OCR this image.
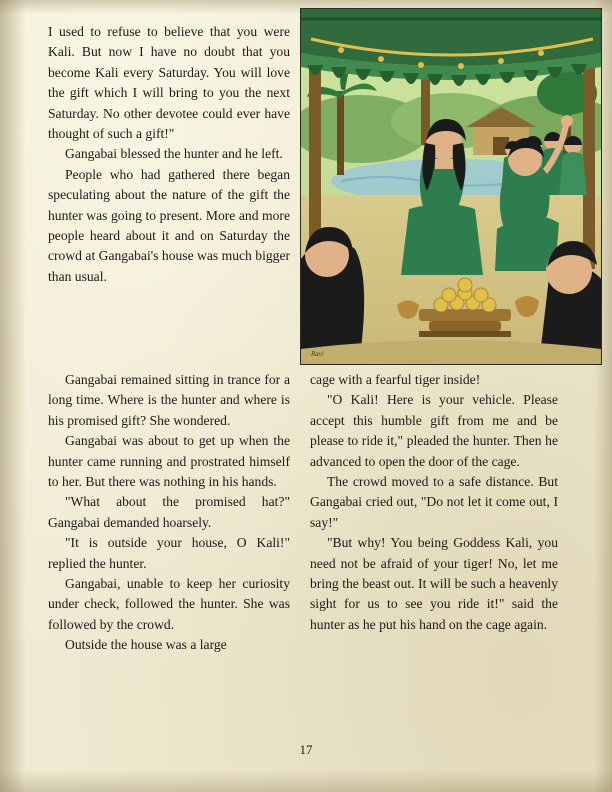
Ravi

I used to refuse to believe that you were Kali. But now I have no doubt that you become Kali every Saturday. You will love the gift which I will bring to you the next Saturday. No other devotee could ever have thought of such a gift!"

Gangabai blessed the hunter and he left.

People who had gathered there began speculating about the nature of the gift the hunter was going to present. More and more people heard about it and on Saturday the crowd at Gangabai's house was much bigger than usual.

Gangabai remained sitting in trance for a long time. Where is the hunter and where is his promised gift? She wondered.

Gangabai was about to get up when the hunter came running and prostrated himself to her. But there was nothing in his hands.

"What about the promised hat?" Gangabai demanded hoarsely.

"It is outside your house, O Kali!" replied the hunter.

Gangabai, unable to keep her curiosity under check, followed the hunter. She was followed by the crowd.

Outside the house was a large

cage with a fearful tiger inside!

"O Kali! Here is your vehicle. Please accept this humble gift from me and be please to ride it," pleaded the hunter. Then he advanced to open the door of the cage.

The crowd moved to a safe distance. But Gangabai cried out, "Do not let it come out, I say!"

"But why! You being Goddess Kali, you need not be afraid of your tiger! No, let me bring the beast out. It will be such a heavenly sight for us to see you ride it!" said the hunter as he put his hand on the cage again.

17
